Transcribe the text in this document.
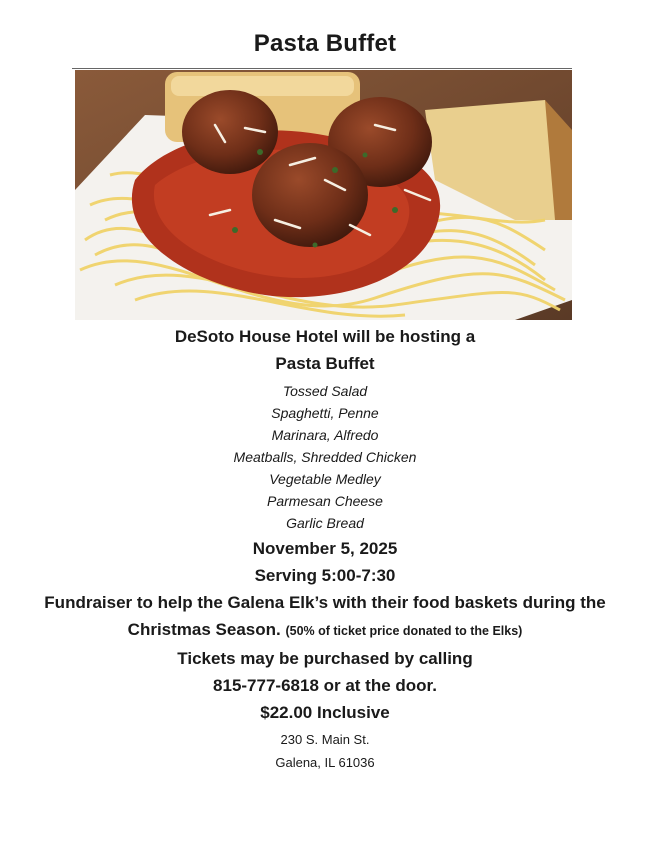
Pasta Buffet
DeSoto House Hotel will be hosting a
Pasta Buffet
Tossed Salad
Spaghetti, Penne
Marinara, Alfredo
Meatballs, Shredded Chicken
Vegetable Medley
Parmesan Cheese
Garlic Bread
November 5, 2025
Serving 5:00-7:30
Fundraiser to help the Galena Elk’s with their food baskets during the
Christmas Season. (50% of ticket price donated to the Elks)
Tickets may be purchased by calling
815-777-6818 or at the door.
$22.00 Inclusive
230 S. Main St.
Galena, IL 61036
